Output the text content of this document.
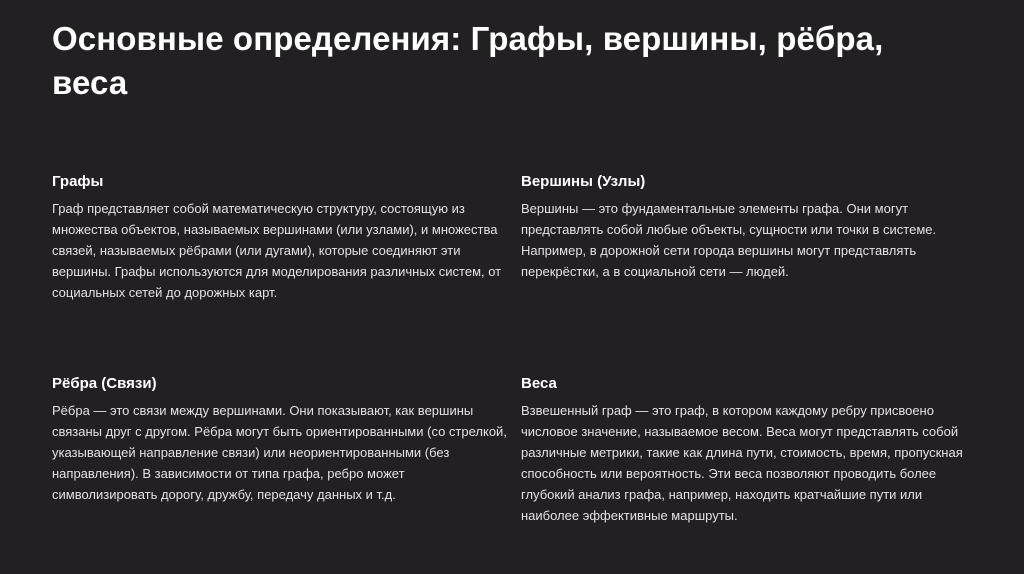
Основные определения: Графы, вершины, рёбра, веса
Графы

Граф представляет собой математическую структуру, состоящую из множества объектов, называемых вершинами (или узлами), и множества связей, называемых рёбрами (или дугами), которые соединяют эти вершины. Графы используются для моделирования различных систем, от социальных сетей до дорожных карт.

Вершины (Узлы)

Вершины — это фундаментальные элементы графа. Они могут представлять собой любые объекты, сущности или точки в системе. Например, в дорожной сети города вершины могут представлять перекрёстки, а в социальной сети — людей.

Рёбра (Связи)

Рёбра — это связи между вершинами. Они показывают, как вершины связаны друг с другом. Рёбра могут быть ориентированными (со стрелкой, указывающей направление связи) или неориентированными (без направления). В зависимости от типа графа, ребро может символизировать дорогу, дружбу, передачу данных и т.д.

Веса

Взвешенный граф — это граф, в котором каждому ребру присвоено числовое значение, называемое весом. Веса могут представлять собой различные метрики, такие как длина пути, стоимость, время, пропускная способность или вероятность. Эти веса позволяют проводить более глубокий анализ графа, например, находить кратчайшие пути или наиболее эффективные маршруты.
